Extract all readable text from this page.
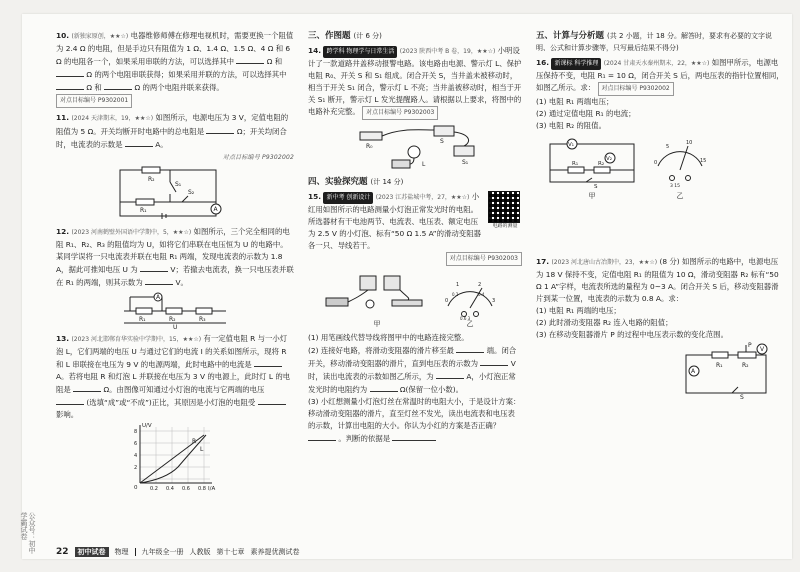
公众号：初中学霸试卷

10. (新独家原创，★★☆) 电器维修师傅在修理电视机时，需要更换一个阻值为 2.4 Ω 的电阻，但是手边只有阻值为 1 Ω、1.4 Ω、1.5 Ω、4 Ω 和 6 Ω 的电阻各一个，如果采用串联的方法，可以选择其中	Ω 和  Ω 的两个电阻串联获得；如果采用并联的方法，可以选择其中  Ω 和	Ω 的两个电阻并联来获得。

对点目标编号 P9302001

11. (2024 天津期末，19，★★☆) 如图所示，电源电压为 3 V，定值电阻的阻值为 5 Ω。开关均断开时电路中的总电阻是	Ω；开关均闭合时，电流表的示数是	A。

对点目标编号 P9302002

R₂
R₁
S₁
S₂
A

12. (2023 河南鹤壁外国语中学期中，5，★★☆) 如图所示，三个完全相同的电阻 R₁、R₂、R₃ 的阻值均为 U，如将它们串联在电压恒为 U 的电路中。某同学误将一只电流表并联在电阻 R₁ 两端，发现电流表的示数为 1.8 A，据此可推知电压 U 为	V；若撤去电流表，换一只电压表并联在 R₁ 的两端，则其示数为	V。

A
R₁	R₂	R₃
U

13. (2023 河北邯郸育华实验中学期中，15，★★☆) 有一定值电阻 R 与一小灯泡 L，它们两端的电压 U 与通过它们的电流 I 的关系如图所示，现将 R 和 L 串联接在电压为 9 V 的电源两端，此时电路中的电流是  A。若将电阻 R 和灯泡 L 并联接在电压为 3 V 的电源上，此时灯 L 的电阻是	Ω。由图像可知通过小灯泡的电流与它两端的电压  (选填“成”或“不成”)正比，其原因是小灯泡的电阻受  影响。

U/V
I/A
0
2
4
6
8
0.2 0.4 0.6 0.8
R
L
三、作图题 (计 6 分)

14. 跨学科 物理学与日常生活 (2023 陕西中考 B 卷，19，★★☆) 小明设计了一款道路井盖移动报警电路。该电路由电源、警示灯 L、保护电阻 R₀、开关 S 和 S₁ 组成。闭合开关 S，当井盖未被移动时，相当于开关 S₁ 闭合，警示灯 L 不亮；当井盖被移动时，相当于开关 S₁ 断开，警示灯 L 发光提醒路人。请根据以上要求，将图中的电路补充完整。 对点目标编号 P9302003

S
S₁
R₀
L
四、实验探究题 (计 14 分)

15. 新中考 创新设计 (2023 江苏盐城中考，27，★★☆) 小红用如图所示的电路测量小灯泡正常发光时的电阻。所选器材有干电池两节、电流表、电压表、额定电压为 2.5 V 的小灯泡、标有“50 Ω 1.5 A”的滑动变阻器各一只、导线若干。

电路的测量

对点目标编号 P9302003

甲
0
1	2
3
0.2	0.4
0.6 3
乙

(1) 用笔画线代替导线将图甲中的电路连接完整。

(2) 连接好电路，将滑动变阻器的滑片移至最	端。闭合开关，移动滑动变阻器的滑片，直到电压表的示数为	V 时，读出电流表的示数如图乙所示，为	A，小灯泡正常发光时的电阻约为	Ω(保留一位小数)。

(3) 小红想测量小灯泡灯丝在常温时的电阻大小，于是设计方案：移动滑动变阻器的滑片，直至灯丝不发光，读出电流表和电压表的示数，计算出电阻的大小。你认为小红的方案是否正确？  。判断的依据是

五、计算与分析题 (共 2 小题，计 18 分。解答时，要求有必要的文字说明、公式和计算步骤等，只写最后结果不得分)

16. 新课标 科学推理 (2024 甘肃天水秦州期末，22，★★☆) 如图甲所示，电源电压保持不变，电阻 R₁ = 10 Ω，闭合开关 S 后，两电压表的指针位置相同，如图乙所示。求： 对点目标编号 P9302002

(1) 电阻 R₁ 两端电压；

(2) 通过定值电阻 R₁ 的电流；

(3) 电阻 R₂ 的阻值。

V₁
V₂
R₁	R₂
S
甲
0
5
10
15
3 15
乙

17. (2023 河北唐山古冶期中，23，★★☆) (8 分) 如图所示的电路中，电源电压为 18 V 保持不变，定值电阻 R₁ 的阻值为 10 Ω，滑动变阻器 R₂ 标有“50 Ω 1 A”字样，电流表所选的量程为 0~3 A。闭合开关 S 后，移动变阻器滑片到某一位置，电流表的示数为 0.8 A。求：

(1) 电阻 R₁ 两端的电压；

(2) 此时滑动变阻器 R₂ 连入电路的阻值；

(3) 在移动变阻器滑片 P 的过程中电压表示数的变化范围。

A
R₁	R₂
P
V
S
22	初中试卷	物理 九年级全一册 人教版 第十七章 素养提优测试卷
